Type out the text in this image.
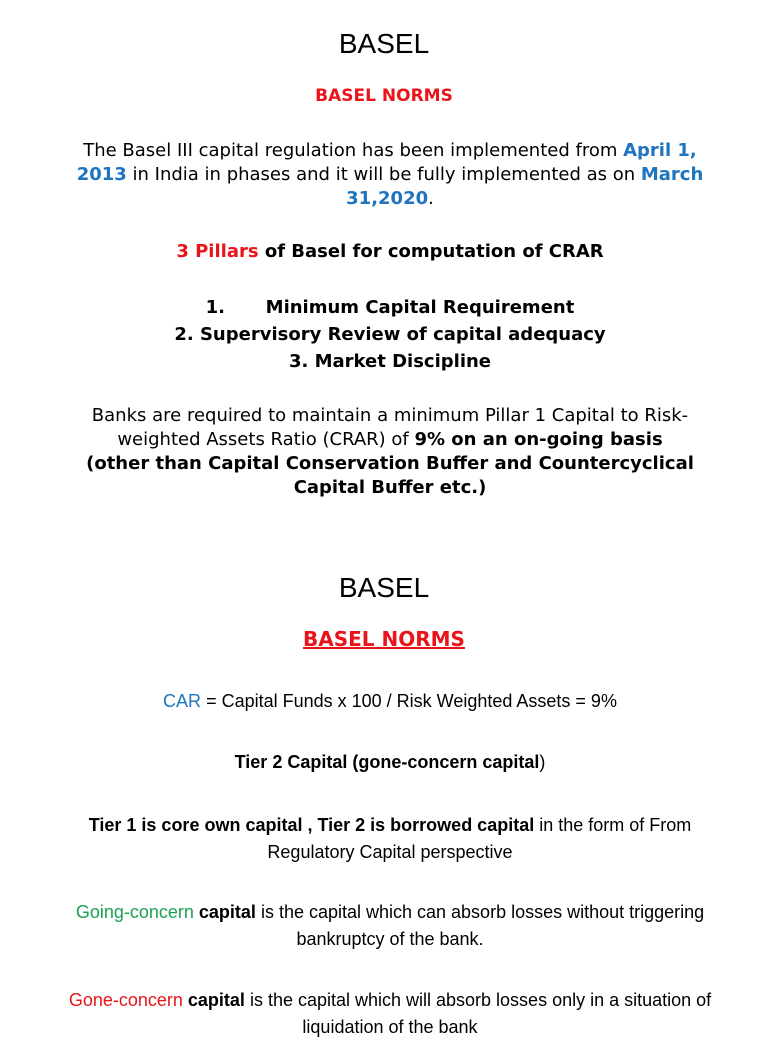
BASEL
BASEL NORMS
The Basel III capital regulation has been implemented from April 1, 2013 in India in phases and it will be fully implemented as on March 31,2020.
3 Pillars of Basel for computation of CRAR
1. Minimum Capital Requirement
2. Supervisory Review of capital adequacy
3. Market Discipline
Banks are required to maintain a minimum Pillar 1 Capital to Risk-weighted Assets Ratio (CRAR) of 9% on an on-going basis
(other than Capital Conservation Buffer and Countercyclical Capital Buffer etc.)
BASEL
BASEL NORMS
CAR = Capital Funds x 100 / Risk Weighted Assets = 9%
Tier 2 Capital (gone-concern capital)
Tier 1 is core own capital , Tier 2 is borrowed capital in the form of From Regulatory Capital perspective
Going-concern capital is the capital which can absorb losses without triggering bankruptcy of the bank.
Gone-concern capital is the capital which will absorb losses only in a situation of liquidation of the bank
